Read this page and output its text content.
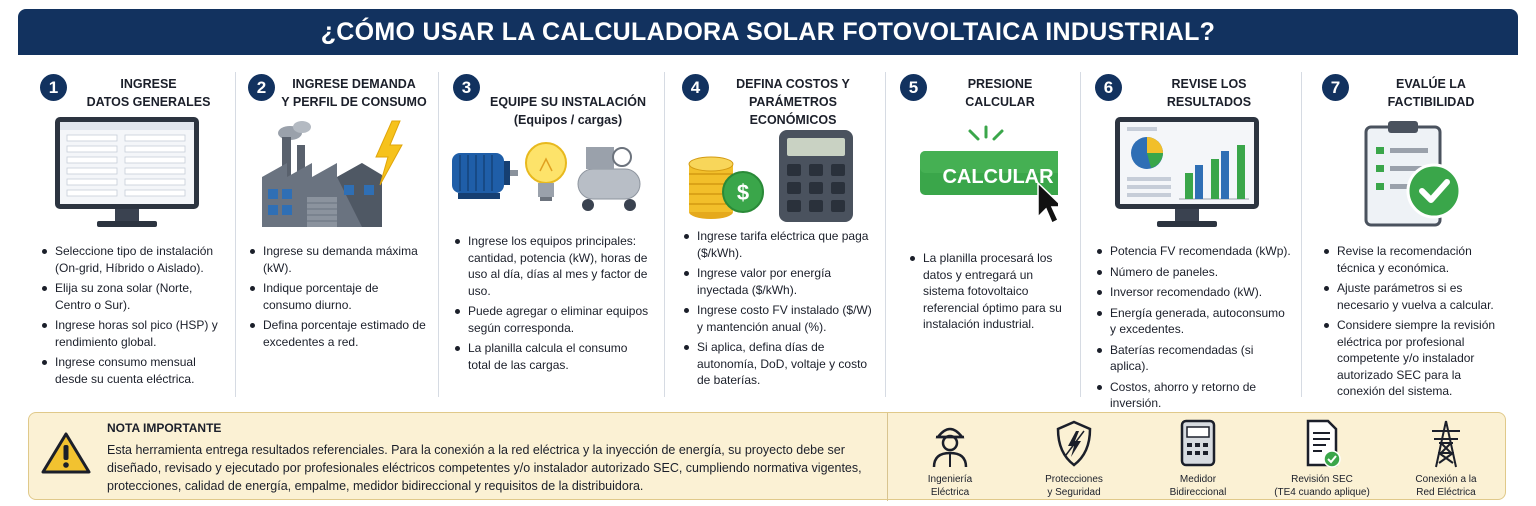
¿CÓMO USAR LA CALCULADORA SOLAR FOTOVOLTAICA INDUSTRIAL?
1	INGRESE
DATOS GENERALES
Seleccione tipo de instalación (On-grid, Híbrido o Aislado).
Elija su zona solar (Norte, Centro o Sur).
Ingrese horas sol pico (HSP) y rendimiento global.
Ingrese consumo mensual desde su cuenta eléctrica.
2	INGRESE DEMANDA
Y PERFIL DE CONSUMO
Ingrese su demanda máxima (kW).
Indique porcentaje de consumo diurno.
Defina porcentaje estimado de excedentes a red.
3

EQUIPE SU INSTALACIÓN

(Equipos / cargas)

Ingrese los equipos principales: cantidad, potencia (kW), horas de uso al día, días al mes y factor de uso.
Puede agregar o eliminar equipos según corresponda.
La planilla calcula el consumo total de las cargas.
4	DEFINA COSTOS Y
PARÁMETROS ECONÓMICOS
$
Ingrese tarifa eléctrica que paga ($/kWh).
Ingrese valor por energía inyectada ($/kWh).
Ingrese costo FV instalado ($/W) y mantención anual (%).
Si aplica, defina días de autonomía, DoD, voltaje y costo de baterías.
5	PRESIONE
CALCULAR
CALCULAR
La planilla procesará los datos y entregará un sistema fotovoltaico referencial óptimo para su instalación industrial.
6	REVISE LOS
RESULTADOS
Potencia FV recomendada (kWp).
Número de paneles.
Inversor recomendado (kW).
Energía generada, autoconsumo y excedentes.
Baterías recomendadas (si aplica).
Costos, ahorro y retorno de inversión.
7	EVALÚE LA
FACTIBILIDAD
Revise la recomendación técnica y económica.
Ajuste parámetros si es necesario y vuelva a calcular.
Considere siempre la revisión eléctrica por profesional competente y/o instalador autorizado SEC para la conexión del sistema.
NOTA IMPORTANTE
Esta herramienta entrega resultados referenciales. Para la conexión a la red eléctrica y la inyección de energía, su proyecto debe ser diseñado, revisado y ejecutado por profesionales eléctricos competentes y/o instalador autorizado SEC, cumpliendo normativa vigentes, protecciones, calidad de energía, empalme, medidor bidireccional y requisitos de la distribuidora.	Ingeniería
Eléctrica
Protecciones
y Seguridad
Medidor
Bidireccional
Revisión SEC
(TE4 cuando aplique)
Conexión a la
Red Eléctrica
